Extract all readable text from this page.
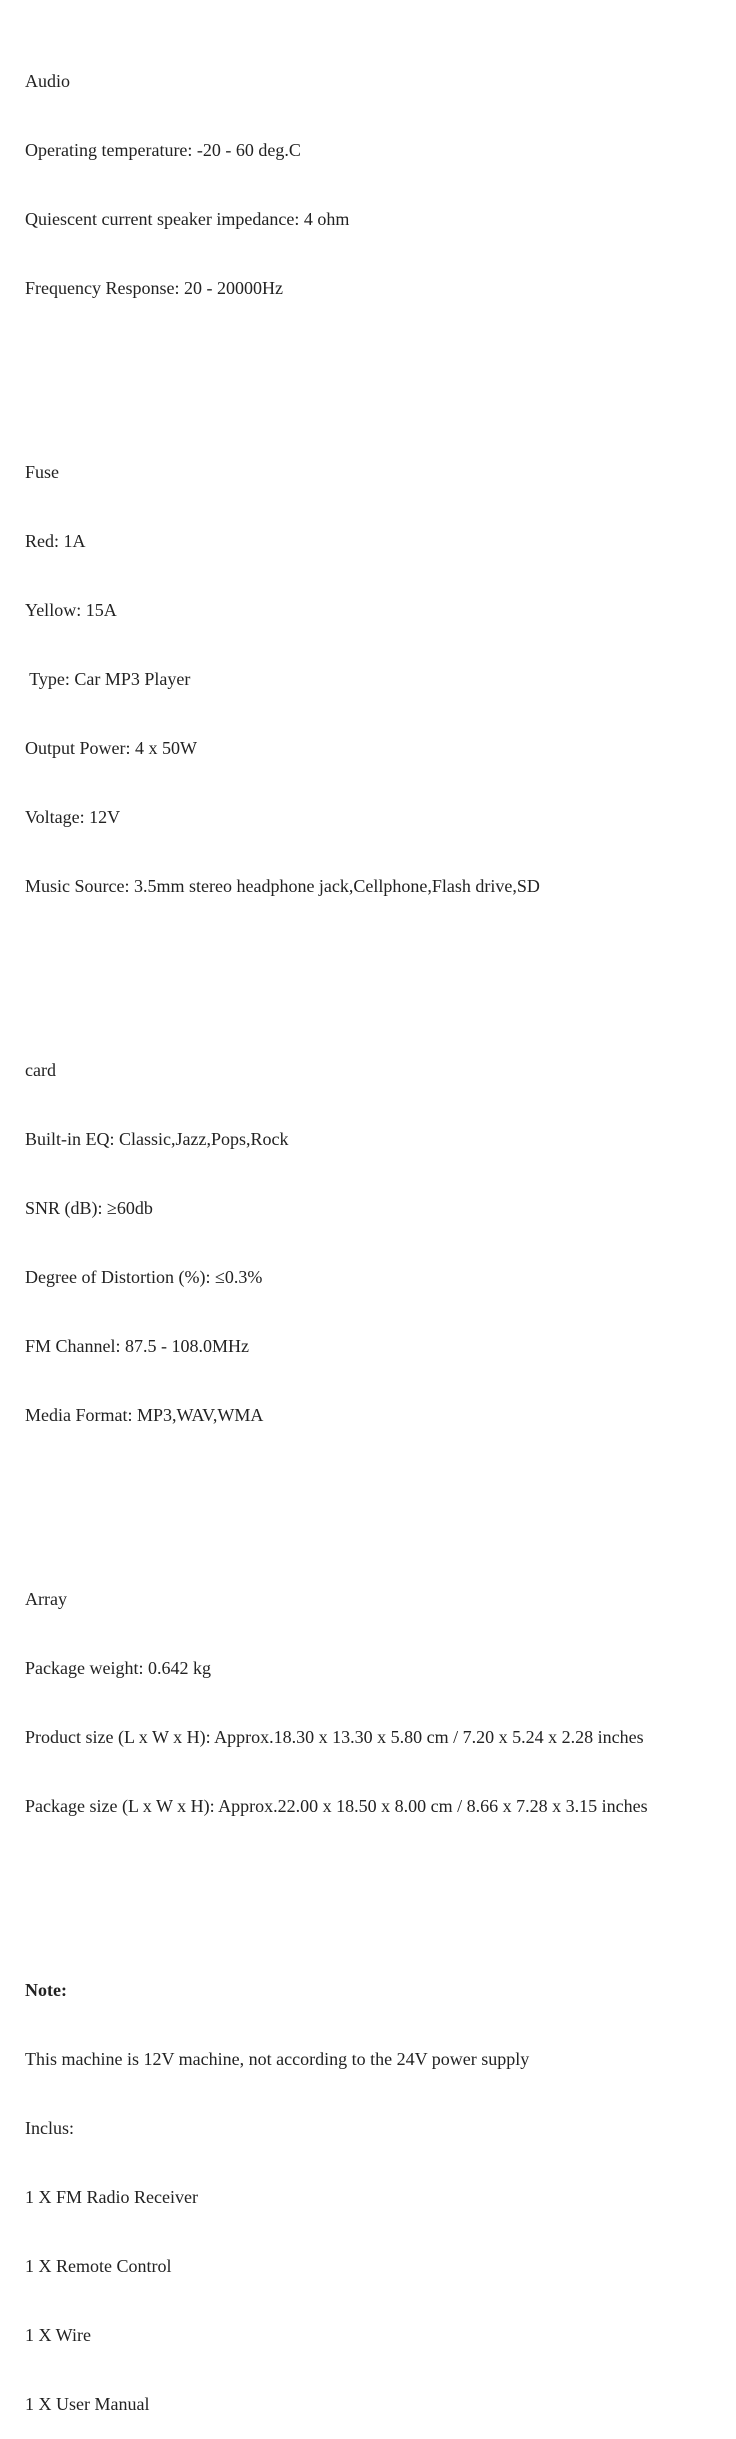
Audio

Operating temperature: -20 - 60 deg.C

Quiescent current speaker impedance: 4 ohm

Frequency Response: 20 - 20000Hz

Fuse

Red: 1A

Yellow: 15A

Type: Car MP3 Player

Output Power: 4 x 50W

Voltage: 12V

Music Source: 3.5mm stereo headphone jack,Cellphone,Flash drive,SD

card

Built-in EQ: Classic,Jazz,Pops,Rock

SNR (dB): ≥60db

Degree of Distortion (%): ≤0.3%

FM Channel: 87.5 - 108.0MHz

Media Format: MP3,WAV,WMA

Array

Package weight: 0.642 kg

Product size (L x W x H): Approx.18.30 x 13.30 x 5.80 cm / 7.20 x 5.24 x 2.28 inches

Package size (L x W x H): Approx.22.00 x 18.50 x 8.00 cm / 8.66 x 7.28 x 3.15 inches

Note:

This machine is 12V machine, not according to the 24V power supply

Inclus:

1 X FM Radio Receiver

1 X Remote Control

1 X Wire

1 X User Manual
